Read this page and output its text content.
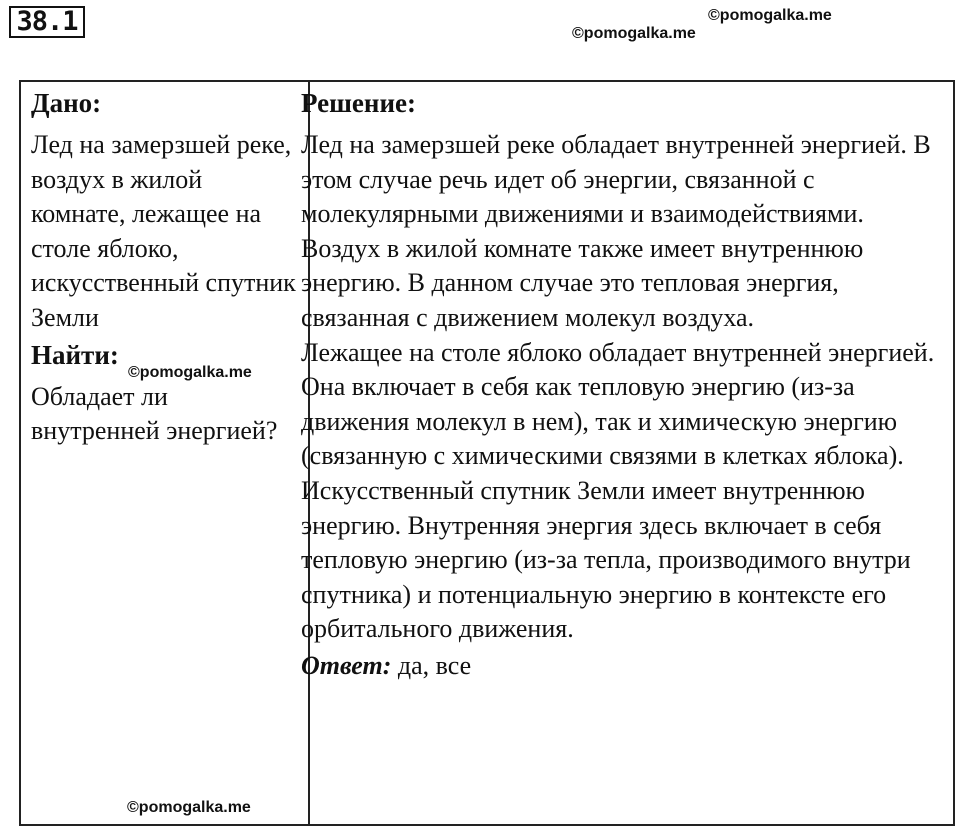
38.1	©pomogalka.me
©pomogalka.me
Дано:
Лед на замерзшей реке, воздух в жилой комнате, лежащее на столе яблоко, искусственный спутник Земли
Найти:
Обладает ли внутренней энергией?
Решение:

Лед на замерзшей реке обладает внутренней энергией. В этом случае речь идет об энергии, связанной с молекулярными движениями и взаимодействиями.

Воздух в жилой комнате также имеет внутреннюю энергию. В данном случае это тепловая энергия, связанная с движением молекул воздуха.

Лежащее на столе яблоко обладает внутренней энергией. Она включает в себя как тепловую энергию (из-за движения молекул в нем), так и химическую энергию (связанную с химическими связями в клетках яблока).

Искусственный спутник Земли имеет внутреннюю энергию. Внутренняя энергия здесь включает в себя тепловую энергию (из-за тепла, производимого внутри спутника) и потенциальную энергию в контексте его орбитального движения.

Ответ: да, все
©pomogalka.me
©pomogalka.me
